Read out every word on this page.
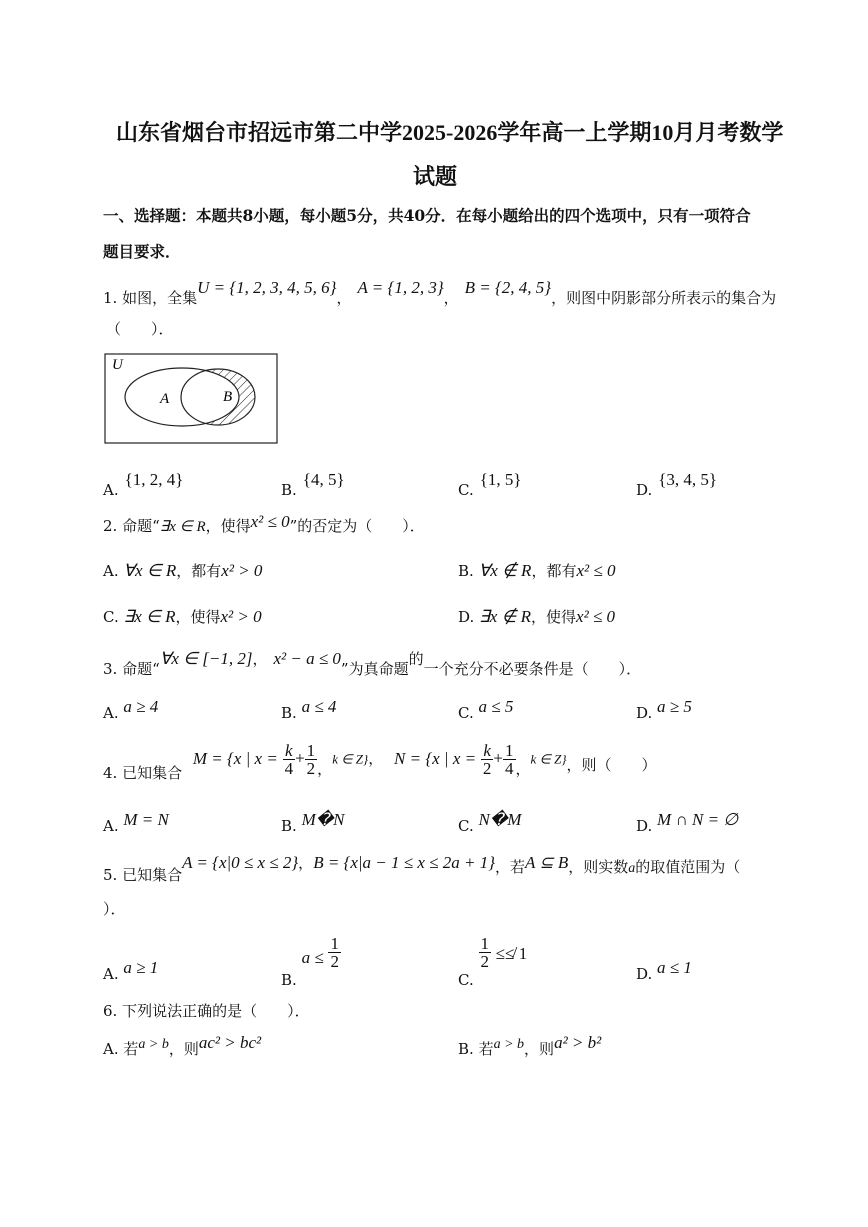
山东省烟台市招远市第二中学2025-2026学年高一上学期10月月考数学
试题
一、选择题：本题共8小题，每小题5分，共40分．在每小题给出的四个选项中，只有一项符合
题目要求．
1. 如图，全集U = {1, 2, 3, 4, 5, 6}，A = {1, 2, 3}，B = {2, 4, 5}，则图中阴影部分所表示的集合为
（　　）．
U
A	B
A.{1, 2, 4}
B.{4, 5}
C.{1, 5}
D.{3, 4, 5}
2. 命题“∃x ∈ R，使得x² ≤ 0”的否定为（　　）．
A. ∀x ∈ R，都有x² > 0	B. ∀x ∉ R，都有x² ≤ 0
C. ∃x ∈ R，使得x² > 0	D. ∃x ∉ R，使得x² ≤ 0
3. 命题“∀x ∈ [−1, 2]， x² − a ≤ 0”为真命题的一个充分不必要条件是（　　）．
A. a ≥ 4	B. a ≤ 4	C. a ≤ 5	D. a ≥ 5
4. 已知集合 M = {x | $x = \frac{k}{4} + \frac{1}{2}$ ，k ∈ Z}， N = {x | $x = \frac{k}{2} + \frac{1}{4}$ ，k ∈ Z}，则（　　）
A. M = N	B. M�N	C. N�M	D. M ∩ N = ∅
5. 已知集合A = {x|0 ≤ x ≤ 2}，B = {x|a − 1 ≤ x ≤ 2a + 1}，若A ⊆ B，则实数a的取值范围为（
）．
A. a ≥ 1
B. $a \le \frac{1}{2}$
C.
$\frac{1}{2}$ ≤≰ 1
D. a ≤ 1
6. 下列说法正确的是（　　）．
A. 若a > b，则ac² > bc²	B. 若a > b，则a² > b²
